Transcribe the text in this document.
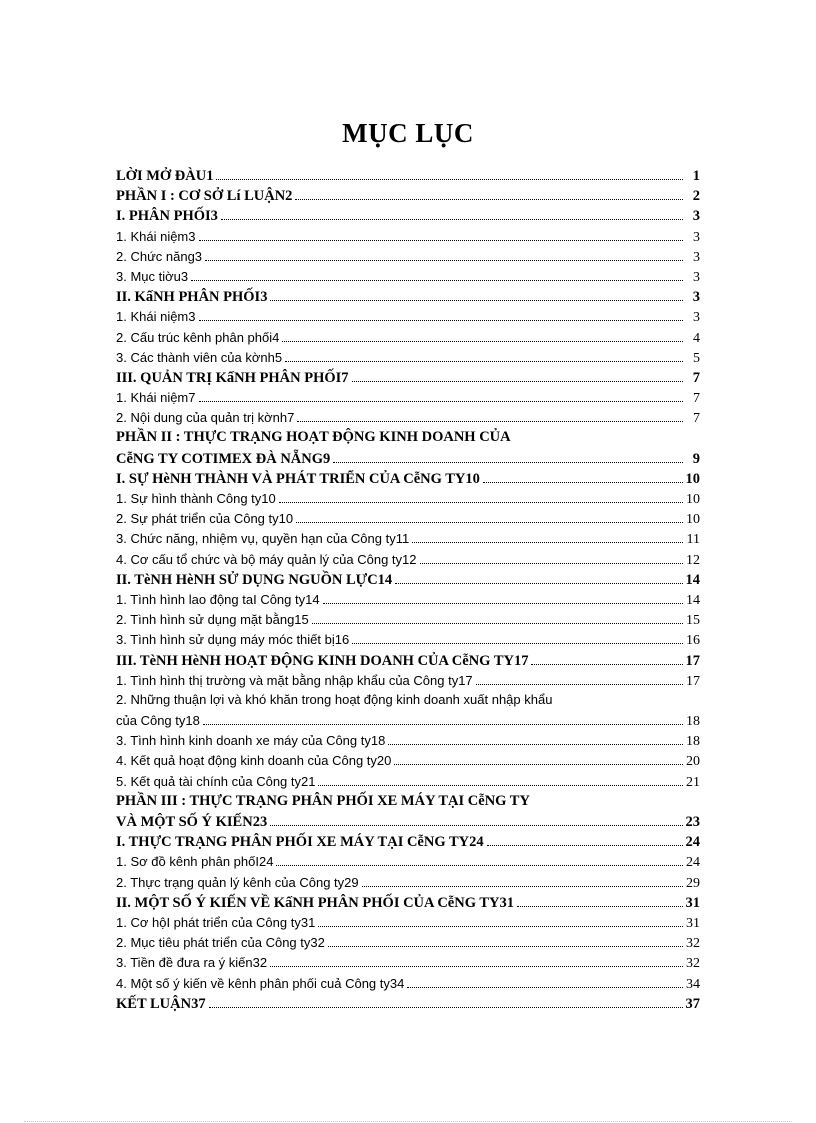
MỤC LỤC
LỜI MỞ ĐÀU1	1
PHẦN I : CƠ SỞ Lí LUẬN2	2
I. PHÂN PHỐI3	3
1. Khái niệm3	3
2. Chức năng3	3
3. Mục tiờu3	3
II. KấNH PHÂN PHỐI3	3
1. Khái niệm3	3
2. Cấu trúc kênh phân phối4	4
3. Các thành viên của kờnh5	5
III. QUẢN TRỊ KấNH PHÂN PHỐI7	7
1. Khái niệm7	7
2. Nội dung của quản trị kờnh7	7
PHẦN II : THỰC TRẠNG HOẠT ĐỘNG KINH DOANH CỦA
CễNG TY COTIMEX ĐÀ NẴNG9	9
I. SỰ HèNH THÀNH VÀ PHÁT TRIỂN CỦA CễNG TY10	10
1. Sự hình thành Công ty10	10
2. Sự phát triển của Công ty10	10
3. Chức năng, nhiệm vụ, quyền hạn của Công ty11	11
4. Cơ cấu tổ chức và bộ máy quản lý của Công ty12	12
II. TèNH HèNH SỬ DỤNG NGUỒN LỰC14	14
1. Tình hình lao động taI Công ty14	14
2. Tình hình sử dụng mặt bằng15	15
3. Tình hình sử dụng máy móc thiết bị16	16
III. TèNH HèNH HOẠT ĐỘNG KINH DOANH CỦA CễNG TY17	17
1. Tình hình thị trường và mặt bằng nhập khẩu của Công ty17	17
2. Những thuận lợi và khó khăn trong hoạt động kinh doanh xuất nhập khẩu
của Công ty18	18
3. Tình hình kinh doanh xe máy của Công ty18	18
4. Kết quả hoạt động kinh doanh của Công ty20	20
5. Kết quả tài chính của Công ty21	21
PHẦN III : THỰC TRẠNG PHÂN PHỐI XE MÁY TẠI CễNG TY
VÀ MỘT SỐ Ý KIẾN23	23
I. THỰC TRẠNG PHÂN PHỐI XE MÁY TẠI CễNG TY24	24
1. Sơ đồ kênh phân phốI24	24
2. Thực trạng quản lý kênh của Công ty29	29
II. MỘT SỐ Ý KIẾN VỀ KấNH PHÂN PHỐI CỦA CễNG TY31	31
1. Cơ hộI phát triển của Công ty31	31
2. Mục tiêu phát triển của Công ty32	32
3. Tiền đề đưa ra ý kiến32	32
4. Một số ý kiến về kênh phân phối cuả Công ty34	34
KẾT LUẬN37	37
